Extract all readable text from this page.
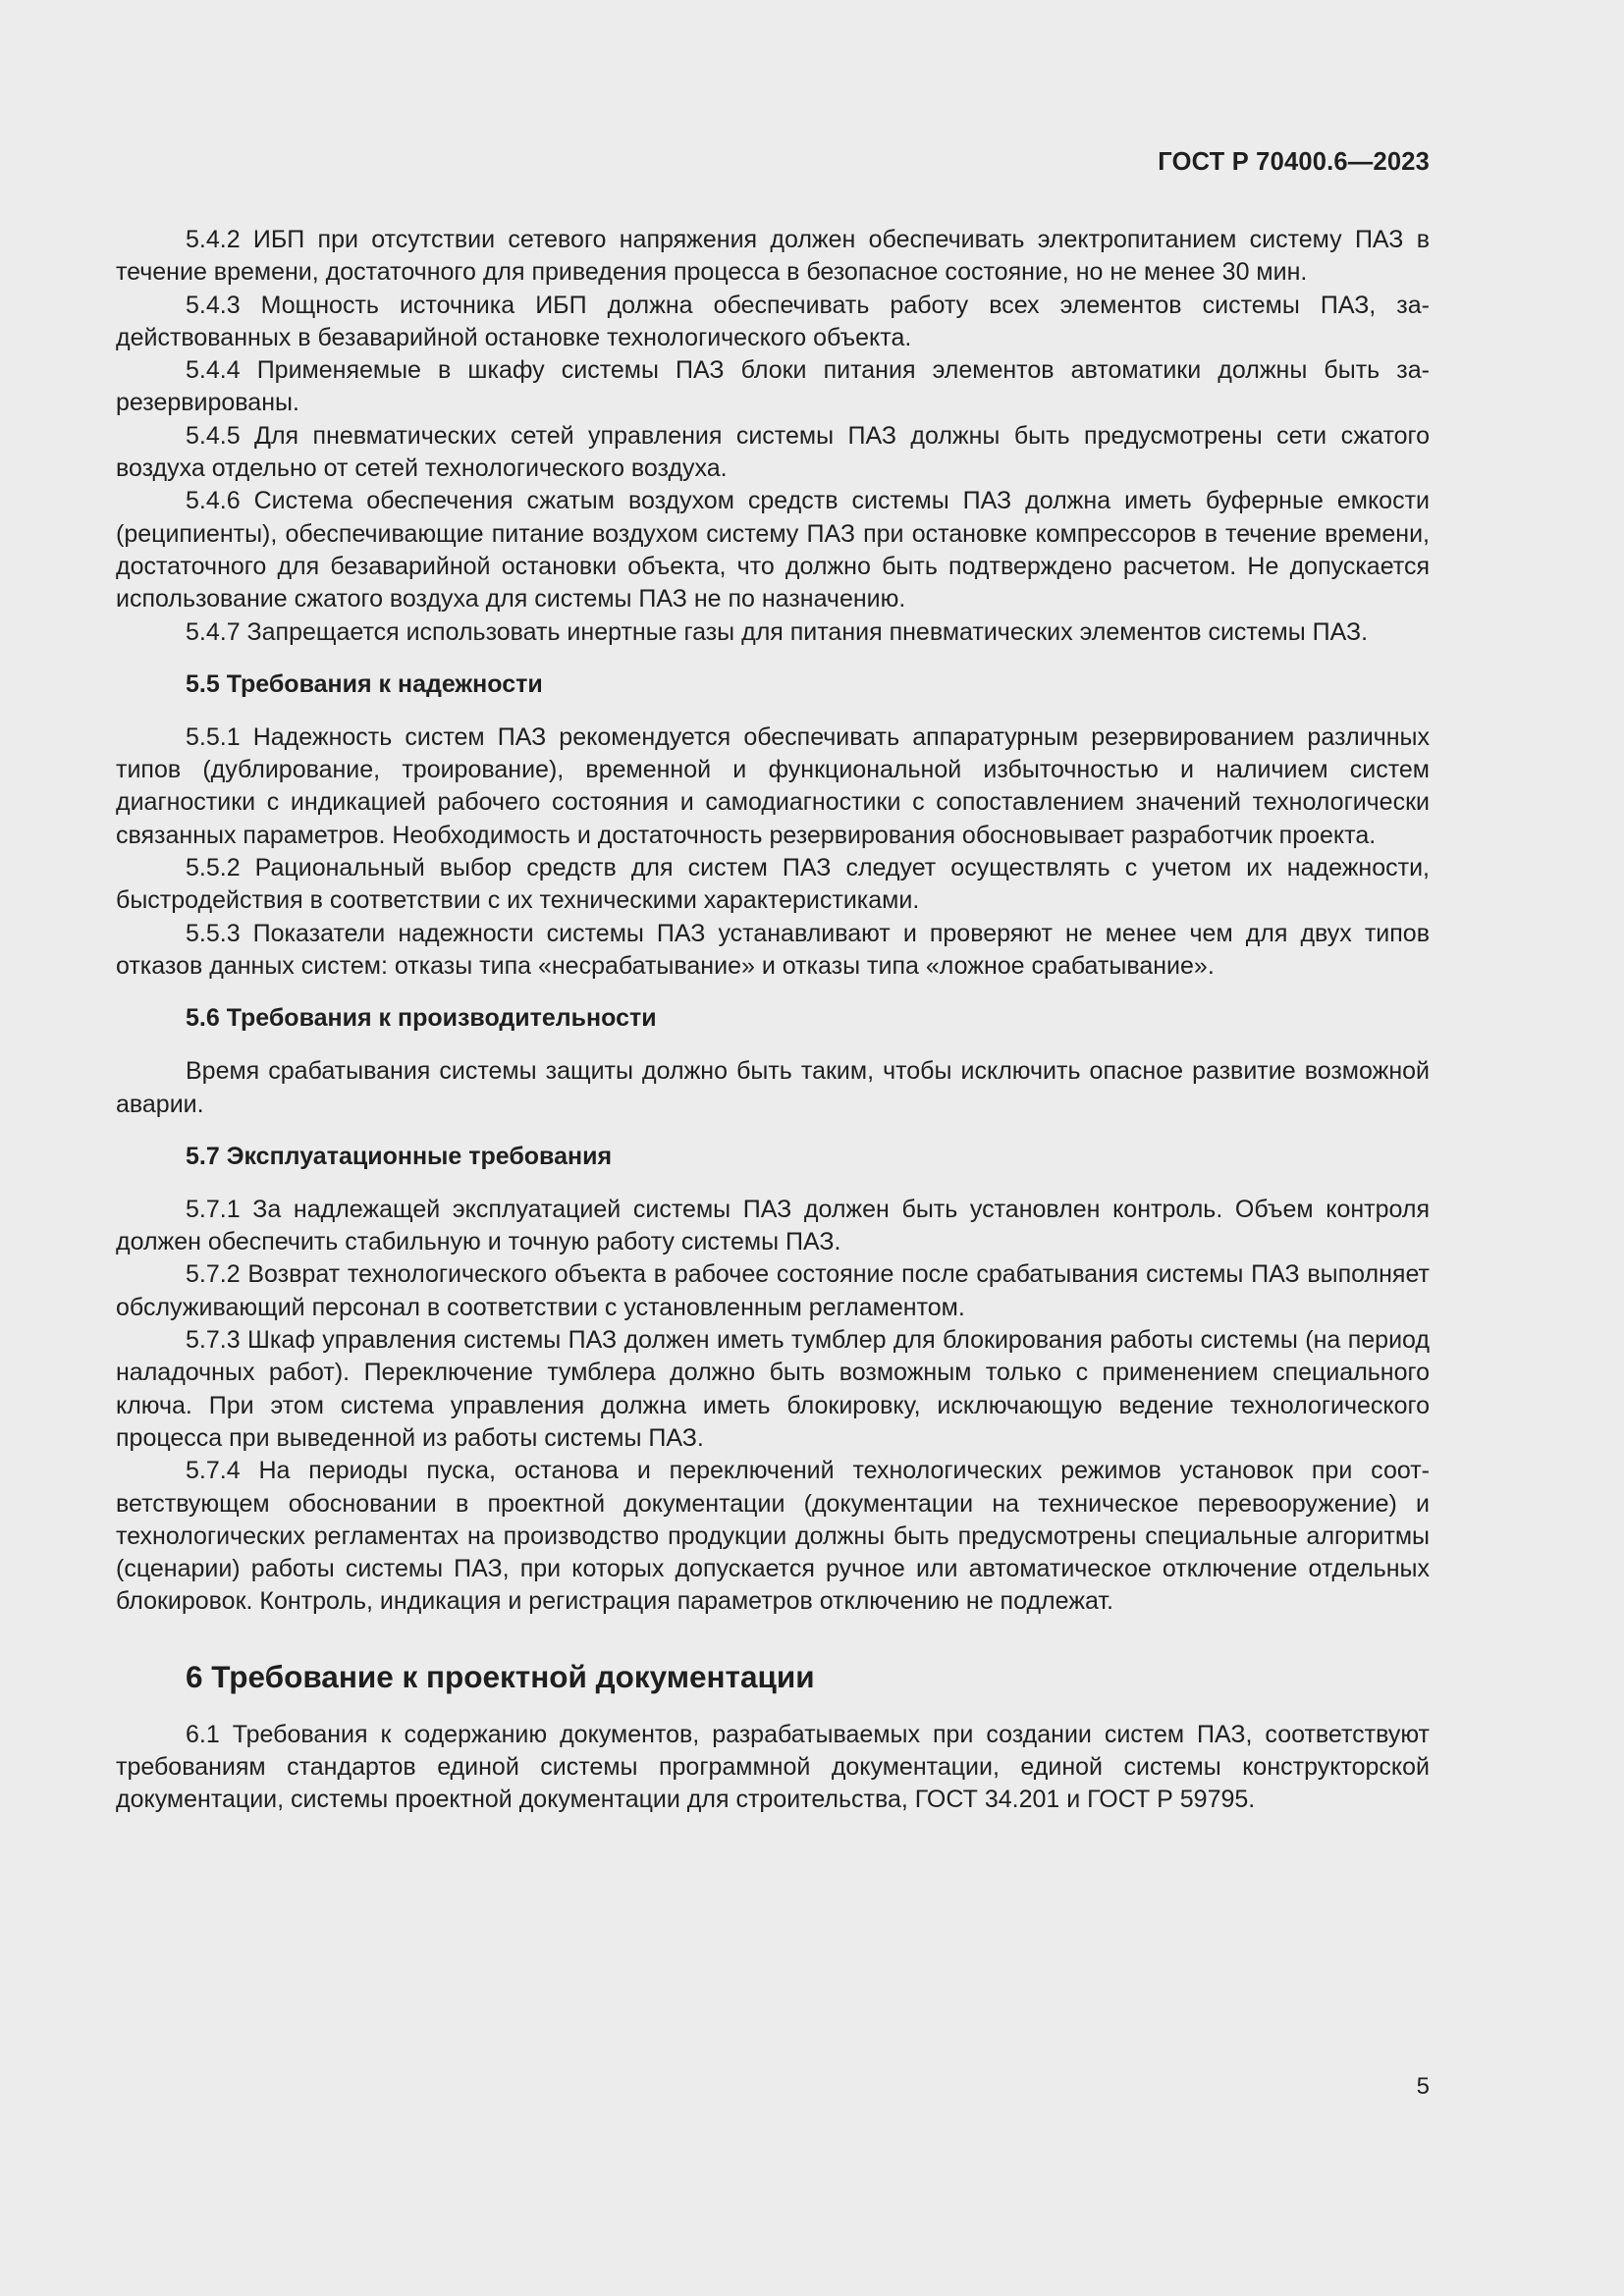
ГОСТ Р 70400.6—2023

5.4.2 ИБП при отсутствии сетевого напряжения должен обеспечивать электропитанием систему ПАЗ в течение времени, достаточного для приведения процесса в безопасное состояние, но не менее 30 мин.

5.4.3 Мощность источника ИБП должна обеспечивать работу всех элементов системы ПАЗ, задействованных в безаварийной остановке технологического объекта.

5.4.4 Применяемые в шкафу системы ПАЗ блоки питания элементов автоматики должны быть зарезервированы.

5.4.5 Для пневматических сетей управления системы ПАЗ должны быть предусмотрены сети сжатого воздуха отдельно от сетей технологического воздуха.

5.4.6 Система обеспечения сжатым воздухом средств системы ПАЗ должна иметь буферные емкости (реципиенты), обеспечивающие питание воздухом систему ПАЗ при остановке компрессоров в течение времени, достаточного для безаварийной остановки объекта, что должно быть подтверждено расчетом. Не допускается использование сжатого воздуха для системы ПАЗ не по назначению.

5.4.7 Запрещается использовать инертные газы для питания пневматических элементов системы ПАЗ.

5.5 Требования к надежности

5.5.1 Надежность систем ПАЗ рекомендуется обеспечивать аппаратурным резервированием различных типов (дублирование, троирование), временной и функциональной избыточностью и наличием систем диагностики с индикацией рабочего состояния и самодиагностики с сопоставлением значений технологически связанных параметров. Необходимость и достаточность резервирования обосновывает разработчик проекта.

5.5.2 Рациональный выбор средств для систем ПАЗ следует осуществлять с учетом их надежности, быстродействия в соответствии с их техническими характеристиками.

5.5.3 Показатели надежности системы ПАЗ устанавливают и проверяют не менее чем для двух типов отказов данных систем: отказы типа «несрабатывание» и отказы типа «ложное срабатывание».

5.6 Требования к производительности

Время срабатывания системы защиты должно быть таким, чтобы исключить опасное развитие возможной аварии.

5.7 Эксплуатационные требования

5.7.1 За надлежащей эксплуатацией системы ПАЗ должен быть установлен контроль. Объем контроля должен обеспечить стабильную и точную работу системы ПАЗ.

5.7.2 Возврат технологического объекта в рабочее состояние после срабатывания системы ПАЗ выполняет обслуживающий персонал в соответствии с установленным регламентом.

5.7.3 Шкаф управления системы ПАЗ должен иметь тумблер для блокирования работы системы (на период наладочных работ). Переключение тумблера должно быть возможным только с применением специального ключа. При этом система управления должна иметь блокировку, исключающую ведение технологического процесса при выведенной из работы системы ПАЗ.

5.7.4 На периоды пуска, останова и переключений технологических режимов установок при соответствующем обосновании в проектной документации (документации на техническое перевооружение) и технологических регламентах на производство продукции должны быть предусмотрены специальные алгоритмы (сценарии) работы системы ПАЗ, при которых допускается ручное или автоматическое отключение отдельных блокировок. Контроль, индикация и регистрация параметров отключению не подлежат.

6 Требование к проектной документации

6.1 Требования к содержанию документов, разрабатываемых при создании систем ПАЗ, соответствуют требованиям стандартов единой системы программной документации, единой системы конструкторской документации, системы проектной документации для строительства, ГОСТ 34.201 и ГОСТ Р 59795.

5
